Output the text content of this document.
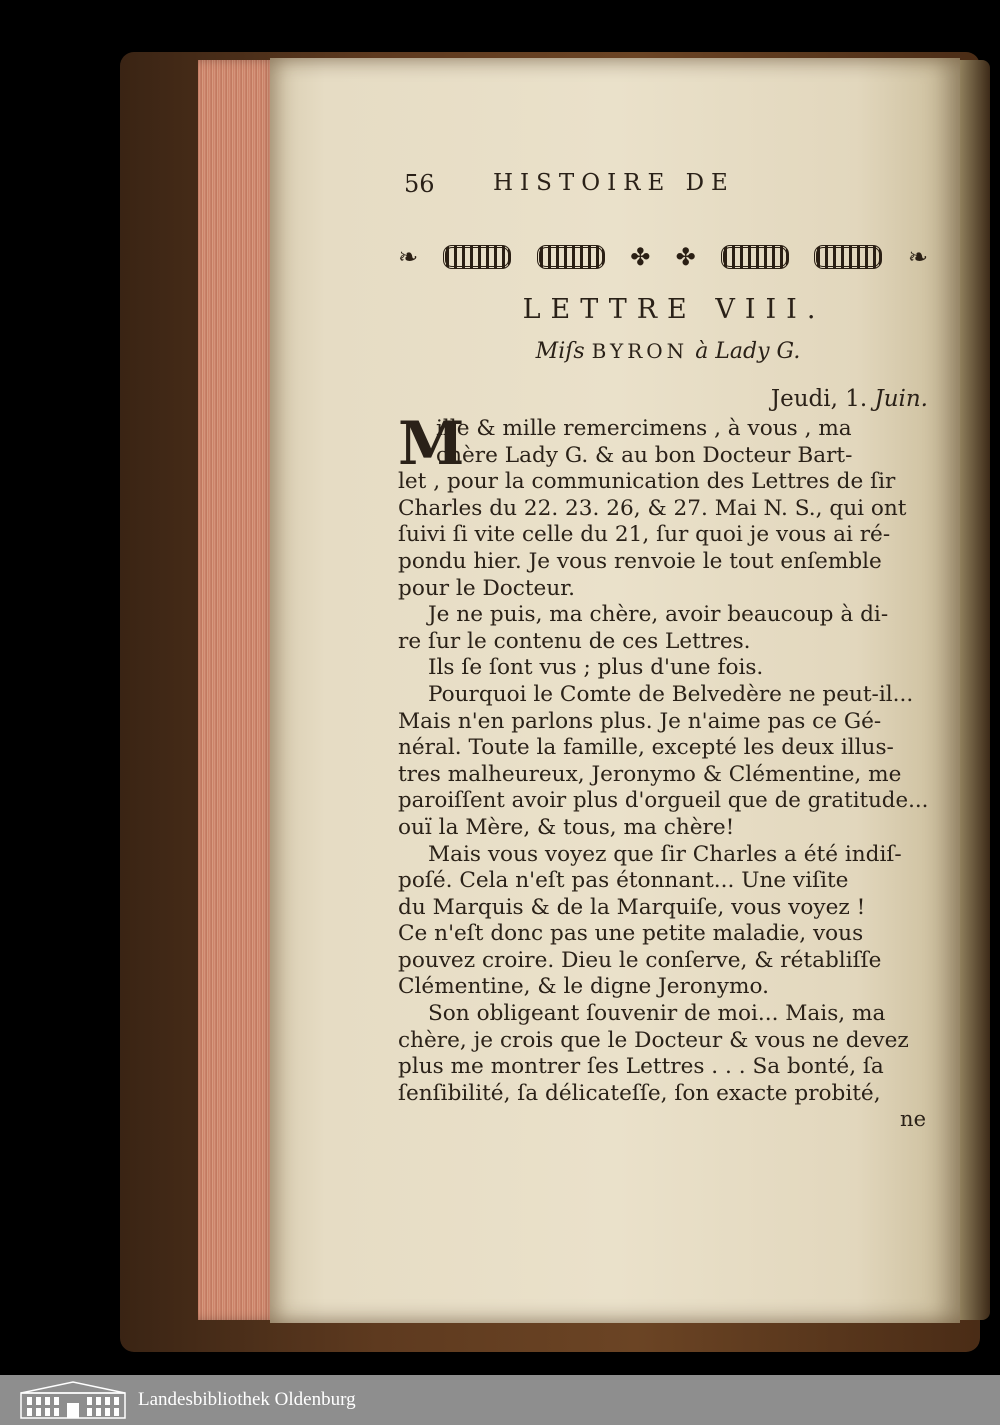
56	HISTOIRE DE
❧	✤ ✤	❧
LETTRE VIII.
Miſs BYRON à Lady G.
Jeudi, 1. Juin.
M

ille & mille remercimens , à vous , ma
chère Lady G. & au bon Docteur Bart-
let , pour la communication des Lettres de ſir
Charles du 22. 23. 26, & 27. Mai N. S., qui ont
ſuivi ſi vite celle du 21, ſur quoi je vous ai ré-
pondu hier. Je vous renvoie le tout enſemble
pour le Docteur.

Je ne puis, ma chère, avoir beaucoup à di-
re ſur le contenu de ces Lettres.

Ils ſe ſont vus ; plus d'une fois.

Pourquoi le Comte de Belvedère ne peut-il...
Mais n'en parlons plus. Je n'aime pas ce Gé-
néral. Toute la famille, excepté les deux illus-
tres malheureux, Jeronymo & Clémentine, me
paroiſſent avoir plus d'orgueil que de gratitude...
ouï la Mère, & tous, ma chère!

Mais vous voyez que ſir Charles a été indiſ-
poſé. Cela n'eſt pas étonnant... Une viſite
du Marquis & de la Marquiſe, vous voyez !
Ce n'eſt donc pas une petite maladie, vous
pouvez croire. Dieu le conſerve, & rétabliſſe
Clémentine, & le digne Jeronymo.

Son obligeant ſouvenir de moi... Mais, ma
chère, je crois que le Docteur & vous ne devez
plus me montrer ſes Lettres . . . Sa bonté, ſa
ſenſibilité, ſa délicateſſe, ſon exacte probité,

ne
Landesbibliothek Oldenburg
